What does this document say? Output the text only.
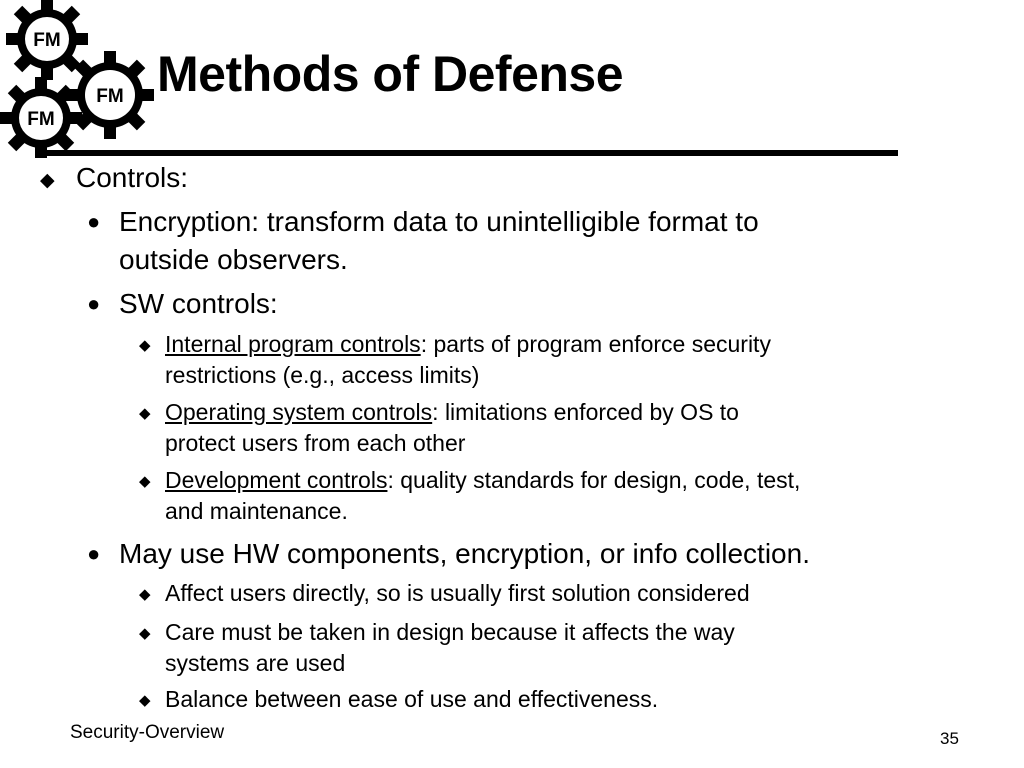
FM
FM
FM
Methods of Defense
◆ Controls:
● Encryption: transform data to unintelligible format to
outside observers.
● SW controls:
◆ Internal program controls: parts of program enforce security
restrictions (e.g., access limits)
◆ Operating system controls: limitations enforced by OS to
protect users from each other
◆ Development controls: quality standards for design, code, test,
and maintenance.
● May use HW components, encryption, or info collection.
◆ Affect users directly, so is usually first solution considered
◆ Care must be taken in design because it affects the way
systems are used
◆ Balance between ease of use and effectiveness.
Security-Overview	35
